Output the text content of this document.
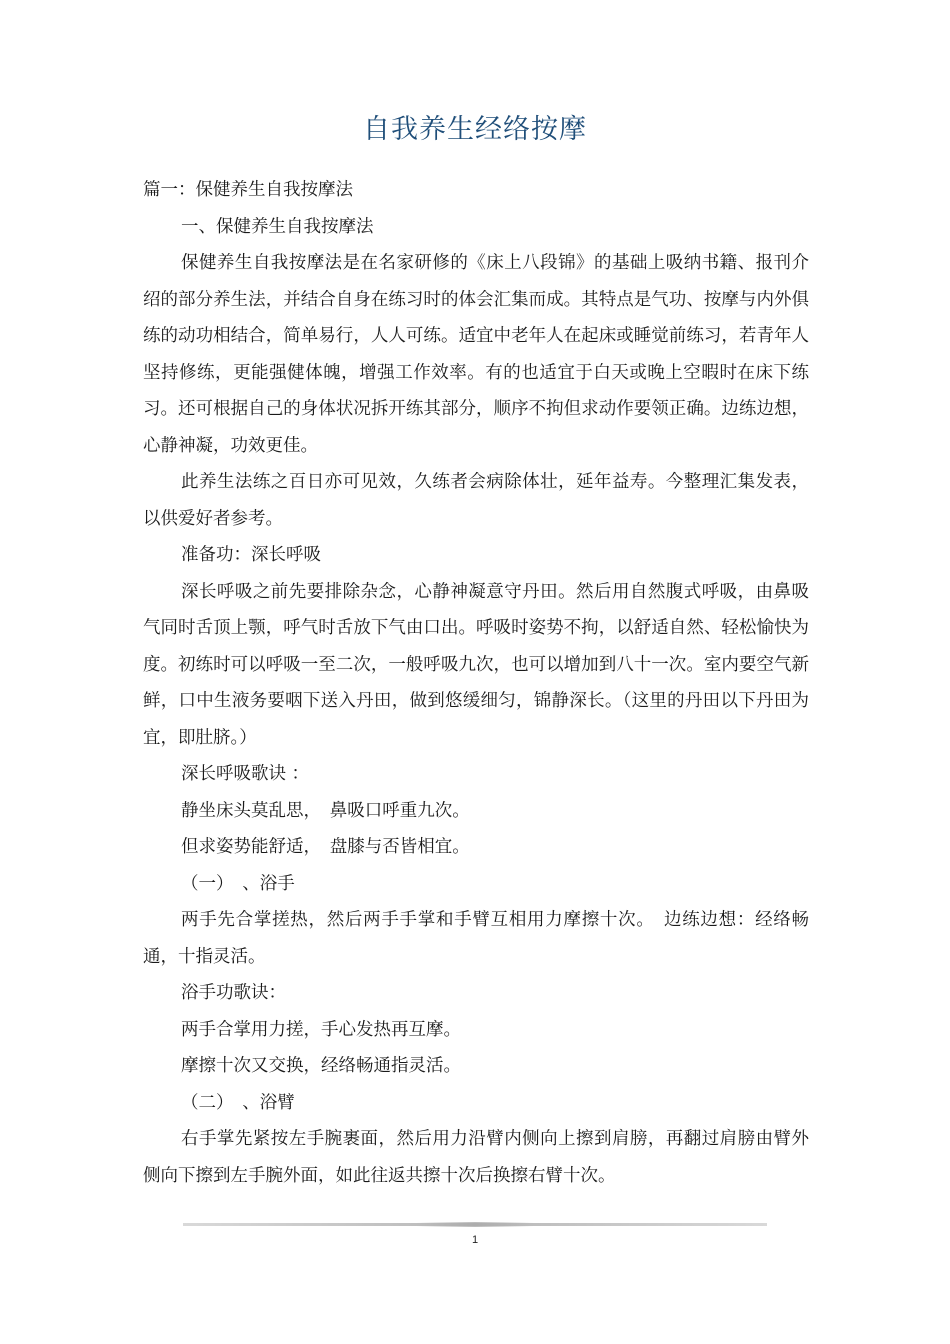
自我养生经络按摩

篇一：保健养生自我按摩法

一、保健养生自我按摩法

保健养生自我按摩法是在名家研修的《床上八段锦》的基础上吸纳书籍、报刊介绍的部分养生法，并结合自身在练习时的体会汇集而成。其特点是气功、按摩与内外俱练的动功相结合，简单易行，人人可练。适宜中老年人在起床或睡觉前练习，若青年人坚持修练，更能强健体魄，增强工作效率。有的也适宜于白天或晚上空暇时在床下练习。还可根据自己的身体状况拆开练其部分，顺序不拘但求动作要领正确。边练边想，心静神凝，功效更佳。

此养生法练之百日亦可见效，久练者会病除体壮，延年益寿。今整理汇集发表，以供爱好者参考。

准备功：深长呼吸

深长呼吸之前先要排除杂念，心静神凝意守丹田。然后用自然腹式呼吸，由鼻吸气同时舌顶上颚，呼气时舌放下气由口出。呼吸时姿势不拘，以舒适自然、轻松愉快为度。初练时可以呼吸一至二次，一般呼吸九次，也可以增加到八十一次。室内要空气新鲜，口中生液务要咽下送入丹田，做到悠缓细匀，锦静深长。（这里的丹田以下丹田为宜，即肚脐。）

深长呼吸歌诀 ：

静坐床头莫乱思，　鼻吸口呼重九次。

但求姿势能舒适，　盘膝与否皆相宜。

（一）　、浴手

两手先合掌搓热，然后两手手掌和手臂互相用力摩擦十次。　边练边想：经络畅通，十指灵活。

浴手功歌诀：

两手合掌用力搓，手心发热再互摩。

摩擦十次又交换，经络畅通指灵活。

（二）　、浴臂

右手掌先紧按左手腕裹面，然后用力沿臂内侧向上擦到肩膀，再翻过肩膀由臂外侧向下擦到左手腕外面，如此往返共擦十次后换擦右臂十次。

1
